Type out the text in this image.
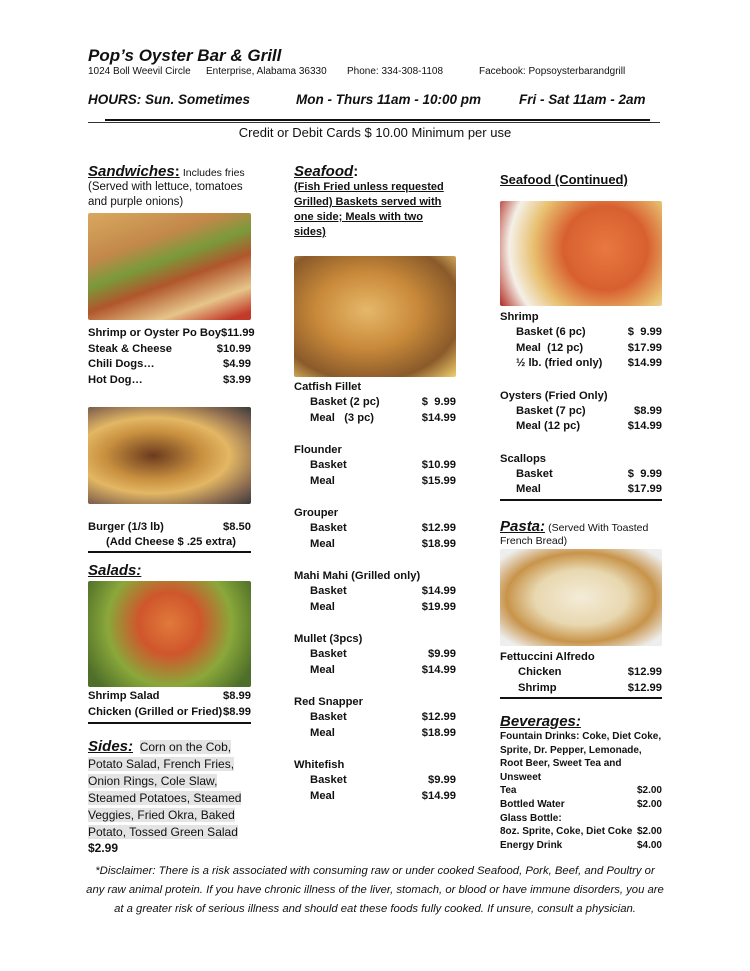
Pop’s Oyster Bar & Grill
1024 Boll Weevil Circle Enterprise, Alabama 36330 Phone: 334-308-1108	Facebook: Popsoysterbarandgrill
HOURS: Sun. Sometimes	Mon - Thurs 11am - 10:00 pm	Fri - Sat 11am - 2am
Credit or Debit Cards $ 10.00 Minimum per use
Sandwiches: Includes fries
(Served with lettuce, tomatoes and purple onions)
Shrimp or Oyster Po Boy $11.99
Steak & Cheese	$10.99
Chili Dogs…	$4.99
Hot Dog…	$3.99
Burger (1/3 lb)	$8.50
(Add Cheese $ .25 extra)
Salads:
Shrimp Salad	$8.99
Chicken (Grilled or Fried) $8.99
Sides: Corn on the Cob, Potato Salad, French Fries, Onion Rings, Cole Slaw, Steamed Potatoes, Steamed Veggies, Fried Okra, Baked Potato, Tossed Green Salad
$2.99
Seafood:
(Fish Fried unless requested Grilled) Baskets served with one side; Meals with two sides)
Catfish Fillet
Basket (2 pc)	$  9.99
Meal   (3 pc)	$14.99
Flounder
Basket	$10.99
Meal	$15.99
Grouper
Basket	$12.99
Meal	$18.99
Mahi Mahi (Grilled only)
Basket	$14.99
Meal	$19.99
Mullet (3pcs)
Basket	$9.99
Meal	$14.99
Red Snapper
Basket	$12.99
Meal	$18.99
Whitefish
Basket	$9.99
Meal	$14.99
Seafood (Continued)
Shrimp
Basket (6 pc)	$  9.99
Meal  (12 pc)	$17.99
½ lb. (fried only) $14.99
Oysters (Fried Only)
Basket (7 pc)	$8.99
Meal (12 pc)	$14.99
Scallops
Basket	$  9.99
Meal	$17.99
Pasta: (Served With Toasted French Bread)
Fettuccini Alfredo
Chicken	$12.99
Shrimp	$12.99
Beverages:
Fountain Drinks: Coke, Diet Coke, Sprite, Dr. Pepper, Lemonade, Root Beer, Sweet Tea and Unsweet
Tea	$2.00
Bottled Water	$2.00
Glass Bottle:
8oz. Sprite, Coke, Diet Coke $2.00
Energy Drink	$4.00
*Disclaimer: There is a risk associated with consuming raw or under cooked Seafood, Pork, Beef, and Poultry or any raw animal protein. If you have chronic illness of the liver, stomach, or blood or have immune disorders, you are at a greater risk of serious illness and should eat these foods fully cooked. If unsure, consult a physician.
